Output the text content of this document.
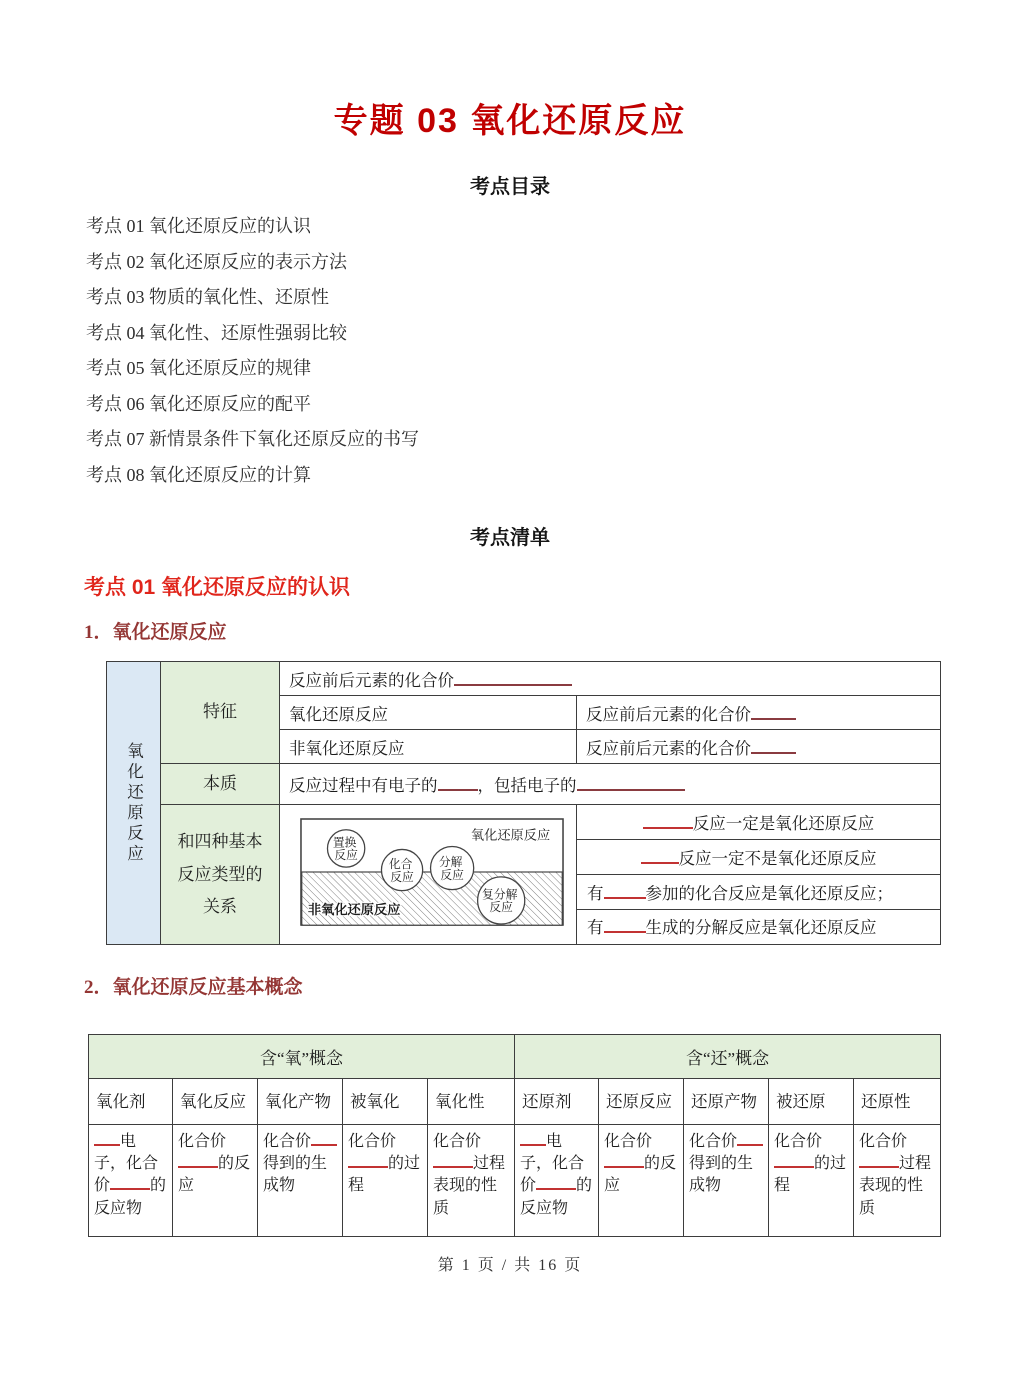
专题 03 氧化还原反应
考点目录
考点 01 氧化还原反应的认识
考点 02 氧化还原反应的表示方法
考点 03 物质的氧化性、还原性
考点 04 氧化性、还原性强弱比较
考点 05 氧化还原反应的规律
考点 06 氧化还原反应的配平
考点 07 新情景条件下氧化还原反应的书写
考点 08 氧化还原反应的计算
考点清单
考点 01 氧化还原反应的认识
1．氧化还原反应
氧化还原反应	特征	反应前后元素的化合价	
		氧化还原反应	反应前后元素的化合价
		非氧化还原反应	反应前后元素的化合价
	本质	反应过程中有电子的 ，包括电子的	
和四种基本反应类型的关系	
氧化还原反应
置换 反应
化合 反应
分解 反应
复分解 反应
非氧化还原反应

反应一定是氧化还原反应
反应一定不是氧化还原反应
有	参加的化合反应是氧化还原反应；
有	生成的分解反应是氧化还原反应
2．氧化还原反应基本概念
含“氧”概念					含“还”概念				
氧化剂	氧化反应	氧化产物	被氧化	氧化性	还原剂	还原反应	还原产物	被还原	还原性
电子，化合价 的反应物	化合价的反应	化合价得到的生成物	化合价的过程	化合价过程表现的性质	电子，化合价 的反应物	化合价的反应	化合价得到的生成物	化合价的过程	化合价过程表现的性质
第 1 页 / 共 16 页
